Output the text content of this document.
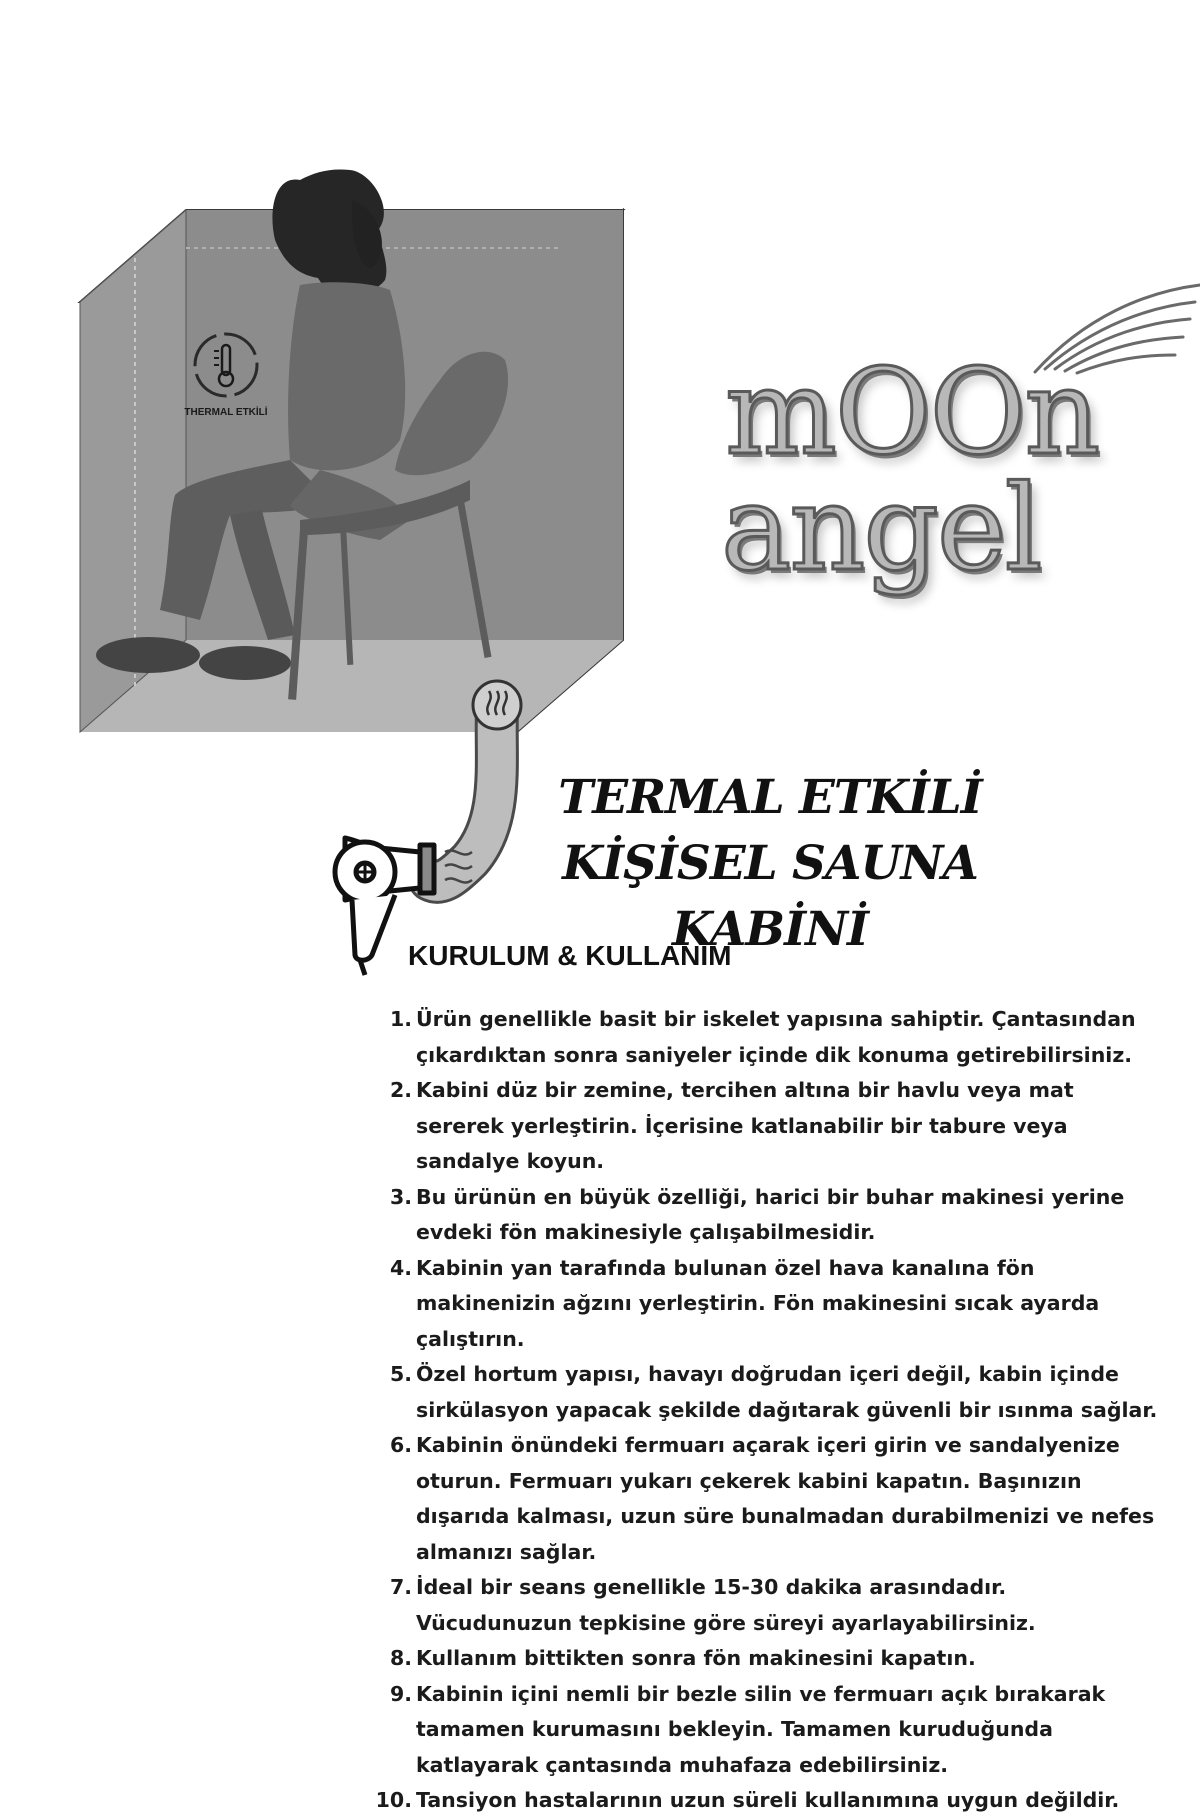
THERMAL ETKİLİ	mO⁠On
angel
TERMAL ETKİLİ
KİŞİSEL SAUNA KABİNİ
KURULUM & KULLANIM
1. Ürün genellikle basit bir iskelet yapısına sahiptir. Çantasından çıkardıktan sonra saniyeler içinde dik konuma getirebilirsiniz.
2. Kabini düz bir zemine, tercihen altına bir havlu veya mat sererek yerleştirin. İçerisine katlanabilir bir tabure veya sandalye koyun.
3. Bu ürünün en büyük özelliği, harici bir buhar makinesi yerine evdeki fön makinesiyle çalışabilmesidir.
4. Kabinin yan tarafında bulunan özel hava kanalına fön makinenizin ağzını yerleştirin. Fön makinesini sıcak ayarda çalıştırın.
5. Özel hortum yapısı, havayı doğrudan içeri değil, kabin içinde sirkülasyon yapacak şekilde dağıtarak güvenli bir ısınma sağlar.
6. Kabinin önündeki fermuarı açarak içeri girin ve sandalyenize oturun. Fermuarı yukarı çekerek kabini kapatın. Başınızın dışarıda kalması, uzun süre bunalmadan durabilmenizi ve nefes almanızı sağlar.
7. İdeal bir seans genellikle 15-30 dakika arasındadır. Vücudunuzun tepkisine göre süreyi ayarlayabilirsiniz.
8. Kullanım bittikten sonra fön makinesini kapatın.
9. Kabinin içini nemli bir bezle silin ve fermuarı açık bırakarak tamamen kurumasını bekleyin. Tamamen kuruduğunda katlayarak çantasında muhafaza edebilirsiniz.
10. Tansiyon hastalarının uzun süreli kullanımına uygun değildir.
